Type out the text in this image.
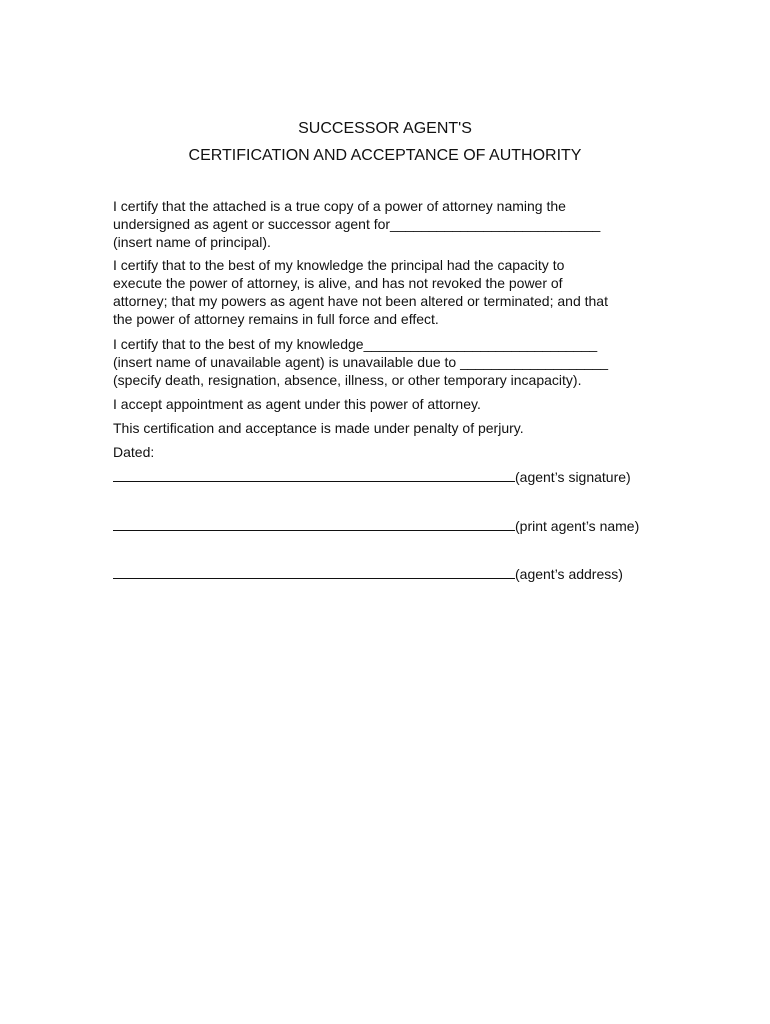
SUCCESSOR AGENT'S
CERTIFICATION AND ACCEPTANCE OF AUTHORITY
I certify that the attached is a true copy of a power of attorney naming the
undersigned as agent or successor agent for___________________________
(insert name of principal).
I certify that to the best of my knowledge the principal had the capacity to
execute the power of attorney, is alive, and has not revoked the power of
attorney; that my powers as agent have not been altered or terminated; and that
the power of attorney remains in full force and effect.
I certify that to the best of my knowledge______________________________
(insert name of unavailable agent) is unavailable due to ___________________
(specify death, resignation, absence, illness, or other temporary incapacity).
I accept appointment as agent under this power of attorney.
This certification and acceptance is made under penalty of perjury.
Dated:
(agent’s signature)
(print agent’s name)
(agent’s address)
